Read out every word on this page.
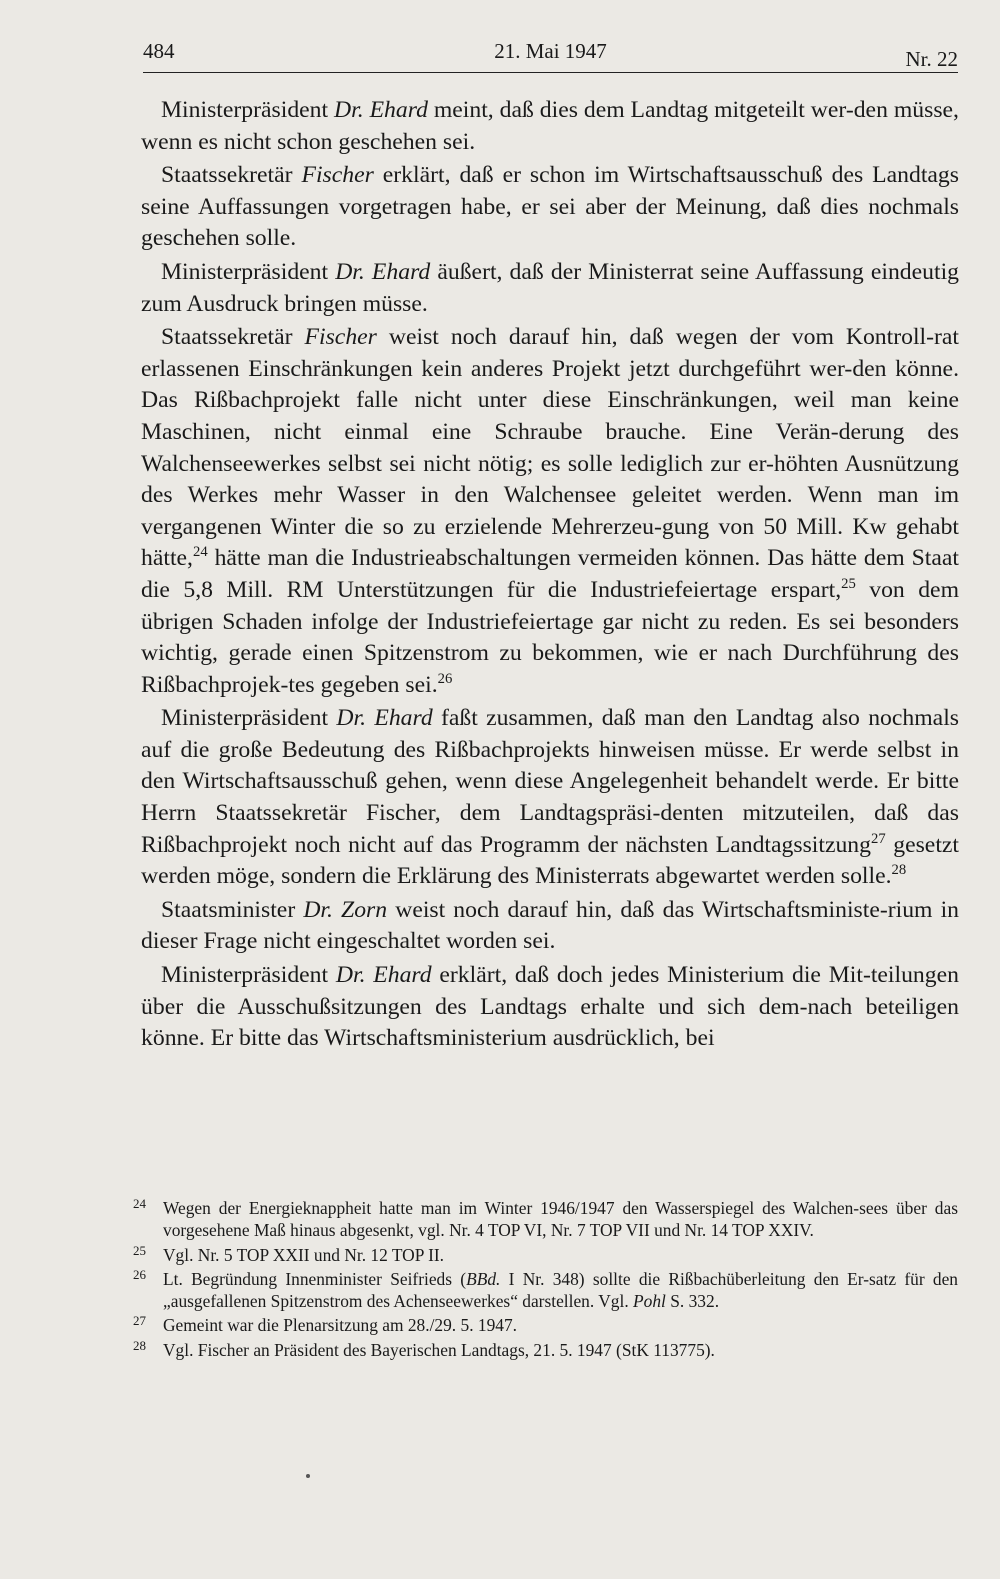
484	21. Mai 1947	Nr. 22

Ministerpräsident Dr. Ehard meint, daß dies dem Landtag mitgeteilt wer-den müsse, wenn es nicht schon geschehen sei.

Staatssekretär Fischer erklärt, daß er schon im Wirtschaftsausschuß des Landtags seine Auffassungen vorgetragen habe, er sei aber der Meinung, daß dies nochmals geschehen solle.

Ministerpräsident Dr. Ehard äußert, daß der Ministerrat seine Auffassung eindeutig zum Ausdruck bringen müsse.

Staatssekretär Fischer weist noch darauf hin, daß wegen der vom Kontroll-rat erlassenen Einschränkungen kein anderes Projekt jetzt durchgeführt wer-den könne. Das Rißbachprojekt falle nicht unter diese Einschränkungen, weil man keine Maschinen, nicht einmal eine Schraube brauche. Eine Verän-derung des Walchenseewerkes selbst sei nicht nötig; es solle lediglich zur er-höhten Ausnützung des Werkes mehr Wasser in den Walchensee geleitet werden. Wenn man im vergangenen Winter die so zu erzielende Mehrerzeu-gung von 50 Mill. Kw gehabt hätte,$^{24}$ hätte man die Industrieabschaltungen vermeiden können. Das hätte dem Staat die 5,8 Mill. RM Unterstützungen für die Industriefeiertage erspart,$^{25}$ von dem übrigen Schaden infolge der Industriefeiertage gar nicht zu reden. Es sei besonders wichtig, gerade einen Spitzenstrom zu bekommen, wie er nach Durchführung des Rißbachprojek-tes gegeben sei.$^{26}$

Ministerpräsident Dr. Ehard faßt zusammen, daß man den Landtag also nochmals auf die große Bedeutung des Rißbachprojekts hinweisen müsse. Er werde selbst in den Wirtschaftsausschuß gehen, wenn diese Angelegenheit behandelt werde. Er bitte Herrn Staatssekretär Fischer, dem Landtagspräsi-denten mitzuteilen, daß das Rißbachprojekt noch nicht auf das Programm der nächsten Landtagssitzung$^{27}$ gesetzt werden möge, sondern die Erklärung des Ministerrats abgewartet werden solle.$^{28}$

Staatsminister Dr. Zorn weist noch darauf hin, daß das Wirtschaftsministe-rium in dieser Frage nicht eingeschaltet worden sei.

Ministerpräsident Dr. Ehard erklärt, daß doch jedes Ministerium die Mit-teilungen über die Ausschußsitzungen des Landtags erhalte und sich dem-nach beteiligen könne. Er bitte das Wirtschaftsministerium ausdrücklich, bei

24 Wegen der Energieknappheit hatte man im Winter 1946/1947 den Wasserspiegel des Walchen-sees über das vorgesehene Maß hinaus abgesenkt, vgl. Nr. 4 TOP VI, Nr. 7 TOP VII und Nr. 14 TOP XXIV.
25 Vgl. Nr. 5 TOP XXII und Nr. 12 TOP II.
26 Lt. Begründung Innenminister Seifrieds (BBd. I Nr. 348) sollte die Rißbachüberleitung den Er-satz für den „ausgefallenen Spitzenstrom des Achenseewerkes“ darstellen. Vgl. Pohl S. 332.
27 Gemeint war die Plenarsitzung am 28./29. 5. 1947.
28 Vgl. Fischer an Präsident des Bayerischen Landtags, 21. 5. 1947 (StK 113775).
